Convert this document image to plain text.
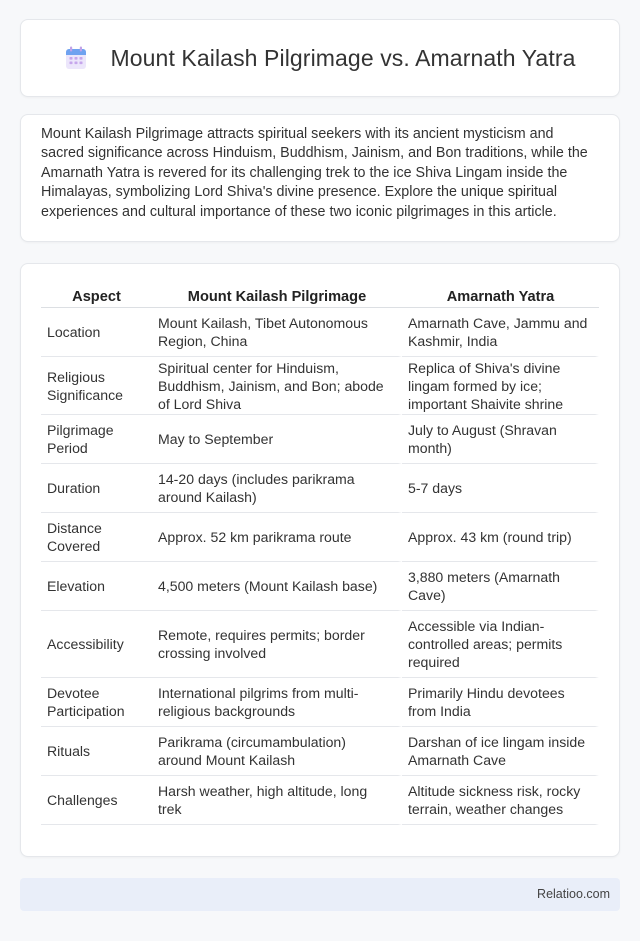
Mount Kailash Pilgrimage vs. Amarnath Yatra

Mount Kailash Pilgrimage attracts spiritual seekers with its ancient mysticism and sacred significance across Hinduism, Buddhism, Jainism, and Bon traditions, while the Amarnath Yatra is revered for its challenging trek to the ice Shiva Lingam inside the Himalayas, symbolizing Lord Shiva's divine presence. Explore the unique spiritual experiences and cultural importance of these two iconic pilgrimages in this article.

Aspect	Mount Kailash Pilgrimage	Amarnath Yatra
Location	Mount Kailash, Tibet Autonomous Region, China	Amarnath Cave, Jammu and Kashmir, India
Religious Significance	Spiritual center for Hinduism, Buddhism, Jainism, and Bon; abode of Lord Shiva	Replica of Shiva's divine lingam formed by ice; important Shaivite shrine
Pilgrimage Period	May to September	July to August (Shravan month)
Duration	14-20 days (includes parikrama around Kailash)	5-7 days
Distance Covered	Approx. 52 km parikrama route	Approx. 43 km (round trip)
Elevation	4,500 meters (Mount Kailash base)	3,880 meters (Amarnath Cave)
Accessibility	Remote, requires permits; border crossing involved	Accessible via Indian-controlled areas; permits required
Devotee Participation	International pilgrims from multi-religious backgrounds	Primarily Hindu devotees from India
Rituals	Parikrama (circumambulation) around Mount Kailash	Darshan of ice lingam inside Amarnath Cave
Challenges	Harsh weather, high altitude, long trek	Altitude sickness risk, rocky terrain, weather changes
Relatioo.com
